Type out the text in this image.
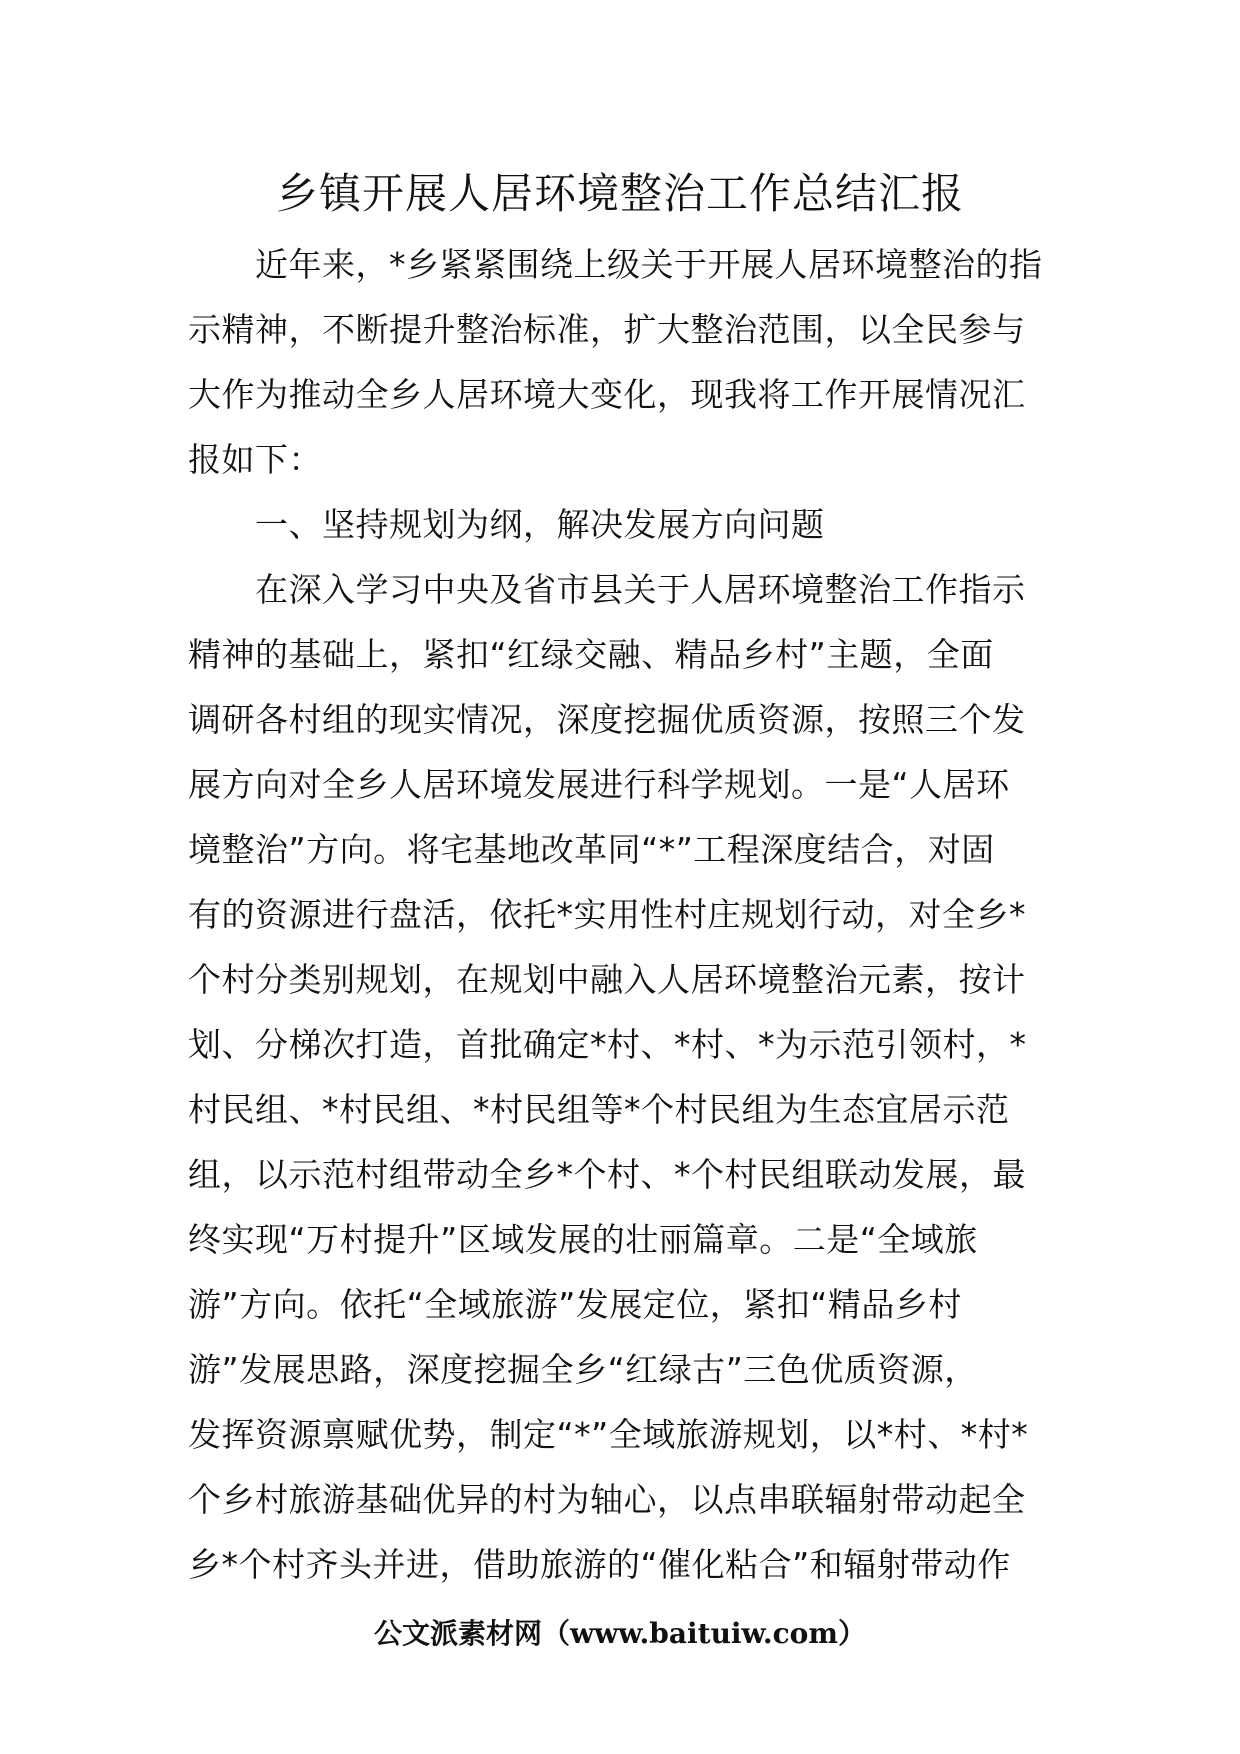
乡镇开展人居环境整治工作总结汇报
近年来，*乡紧紧围绕上级关于开展人居环境整治的指
示精神，不断提升整治标准，扩大整治范围，以全民参与
大作为推动全乡人居环境大变化，现我将工作开展情况汇
报如下：
一、坚持规划为纲，解决发展方向问题
在深入学习中央及省市县关于人居环境整治工作指示
精神的基础上，紧扣“红绿交融、精品乡村”主题，全面
调研各村组的现实情况，深度挖掘优质资源，按照三个发
展方向对全乡人居环境发展进行科学规划。一是“人居环
境整治”方向。将宅基地改革同“*”工程深度结合，对固
有的资源进行盘活，依托*实用性村庄规划行动，对全乡*
个村分类别规划，在规划中融入人居环境整治元素，按计
划、分梯次打造，首批确定*村、*村、*为示范引领村，*
村民组、*村民组、*村民组等*个村民组为生态宜居示范
组，以示范村组带动全乡*个村、*个村民组联动发展，最
终实现“万村提升”区域发展的壮丽篇章。二是“全域旅
游”方向。依托“全域旅游”发展定位，紧扣“精品乡村
游”发展思路，深度挖掘全乡“红绿古”三色优质资源，
发挥资源禀赋优势，制定“*”全域旅游规划，以*村、*村*
个乡村旅游基础优异的村为轴心，以点串联辐射带动起全
乡*个村齐头并进，借助旅游的“催化粘合”和辐射带动作
公文派素材网（www.baituiw.com）
